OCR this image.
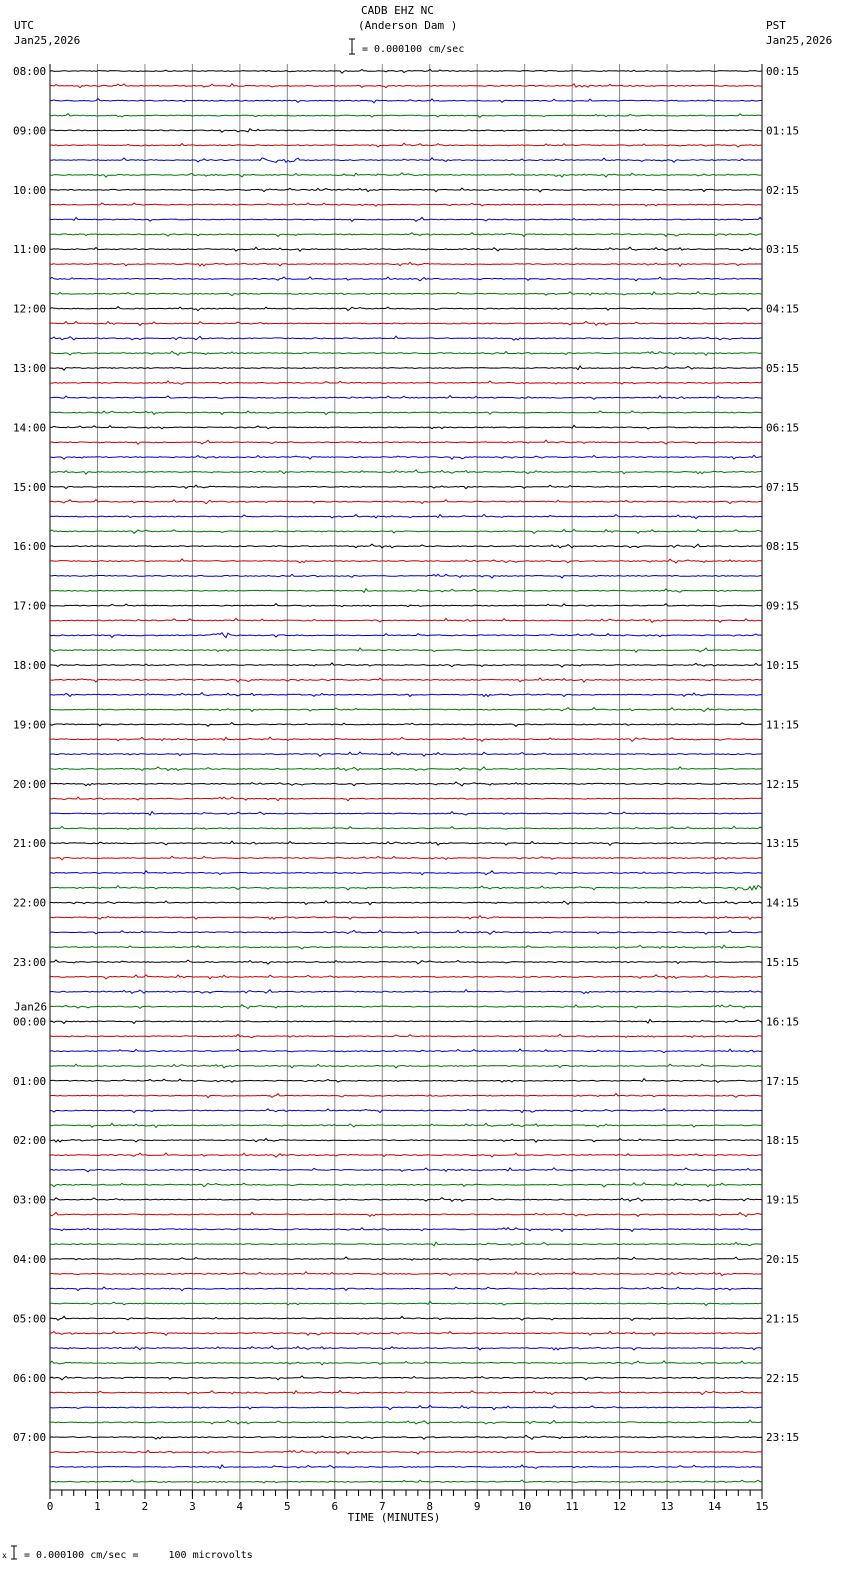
CADB EHZ NC
(Anderson Dam )
UTC
Jan25,2026
PST
Jan25,2026
= 0.000100 cm/sec
08:00
09:00
10:00
11:00
12:00
13:00
14:00
15:00
16:00
17:00
18:00
19:00
20:00
21:00
22:00
23:00
00:00
01:00
02:00
03:00
04:00
05:00
06:00
07:00
Jan26
00:15
01:15
02:15
03:15
04:15
05:15
06:15
07:15
08:15
09:15
10:15
11:15
12:15
13:15
14:15
15:15
16:15
17:15
18:15
19:15
20:15
21:15
22:15
23:15
0	1	2	3	4	5	6	7	8	9	10	11	12	13	14	15
TIME (MINUTES)
x = 0.000100 cm/sec =     100 microvolts
